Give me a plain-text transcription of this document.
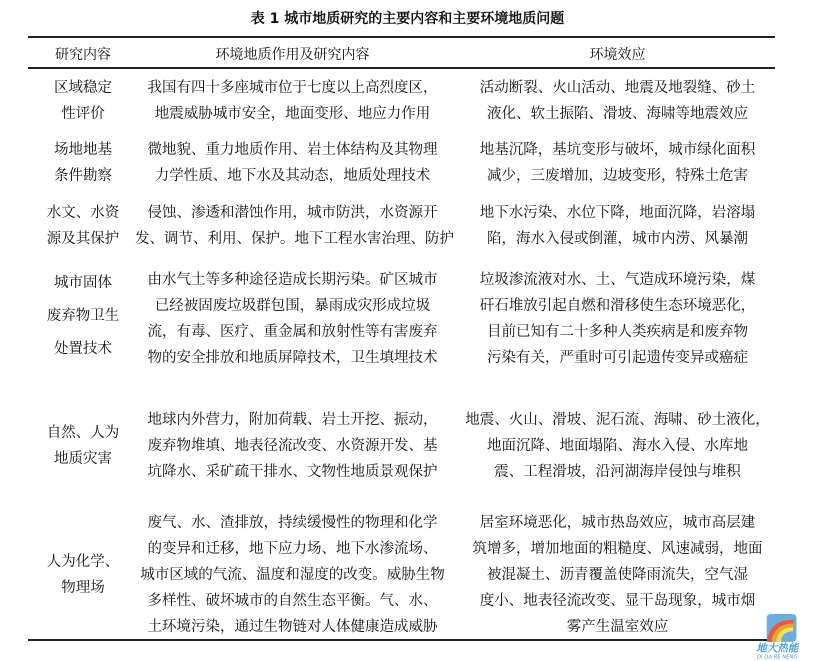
表 1 城市地质研究的主要内容和主要环境地质问题
研究内容	环境地质作用及研究内容	环境效应
区域稳定
性评价
我国有四十多座城市位于七度以上高烈度区，
地震威胁城市安全，地面变形、地应力作用
活动断裂、火山活动、地震及地裂缝、砂土
液化、软土振陷、滑坡、海啸等地震效应
场地地基
条件勘察
微地貌、重力地质作用、岩土体结构及其物理
力学性质、地下水及其动态，地质处理技术
地基沉降，基坑变形与破坏，城市绿化面积
减少，三废增加，边坡变形，特殊土危害
水文、水资
源及其保护
侵蚀、渗透和潜蚀作用，城市防洪，水资源开
发、调节、利用、保护。地下工程水害治理、防护
地下水污染、水位下降，地面沉降，岩溶塌
陷，海水入侵或倒灌，城市内涝、风暴潮
城市固体
废弃物卫生
处置技术
由水气土等多种途径造成长期污染。矿区城市
已经被固废垃圾群包围，暴雨成灾形成垃圾
流，有毒、医疗、重金属和放射性等有害废弃
物的安全排放和地质屏障技术，卫生填埋技术
垃圾渗流液对水、土、气造成环境污染，煤
矸石堆放引起自燃和滑移使生态环境恶化，
目前已知有二十多种人类疾病是和废弃物
污染有关，严重时可引起遗传变异或癌症
自然、人为
地质灾害
地球内外营力，附加荷载、岩土开挖、振动，
废弃物堆填、地表径流改变、水资源开发、基
坑降水、采矿疏干排水、文物性地质景观保护
地震、火山、滑坡、泥石流、海啸、砂土液化，
地面沉降、地面塌陷、海水入侵、水库地
震、工程滑坡，沿河湖海岸侵蚀与堆积
人为化学、
物理场
废气、水、渣排放，持续缓慢性的物理和化学
的变异和迁移，地下应力场、地下水渗流场、
城市区域的气流、温度和湿度的改变。威胁生物
多样性、破坏城市的自然生态平衡。气、水、
土环境污染，通过生物链对人体健康造成威胁
居室环境恶化，城市热岛效应，城市高层建
筑增多，增加地面的粗糙度、风速减弱，地面
被混凝土、沥青覆盖使降雨流失，空气湿
度小、地表径流改变、显干岛现象，城市烟
雾产生温室效应
地大热能
DI DA RE NENG
